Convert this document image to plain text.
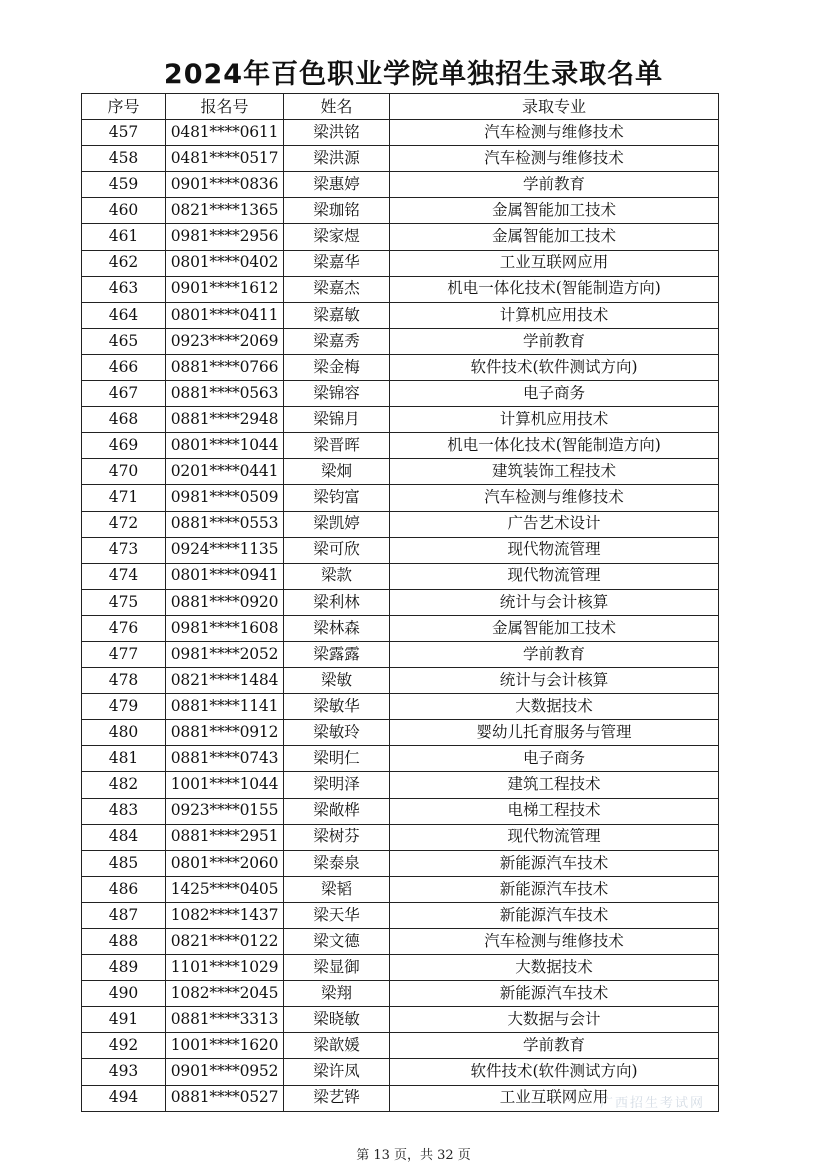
2024年百色职业学院单独招生录取名单
序号	报名号	姓名	录取专业
457	0481****0611	梁洪铭	汽车检测与维修技术
458	0481****0517	梁洪源	汽车检测与维修技术
459	0901****0836	梁惠婷	学前教育
460	0821****1365	梁珈铭	金属智能加工技术
461	0981****2956	梁家煜	金属智能加工技术
462	0801****0402	梁嘉华	工业互联网应用
463	0901****1612	梁嘉杰	机电一体化技术(智能制造方向)
464	0801****0411	梁嘉敏	计算机应用技术
465	0923****2069	梁嘉秀	学前教育
466	0881****0766	梁金梅	软件技术(软件测试方向)
467	0881****0563	梁锦容	电子商务
468	0881****2948	梁锦月	计算机应用技术
469	0801****1044	梁晋晖	机电一体化技术(智能制造方向)
470	0201****0441	梁炯	建筑装饰工程技术
471	0981****0509	梁钧富	汽车检测与维修技术
472	0881****0553	梁凯婷	广告艺术设计
473	0924****1135	梁可欣	现代物流管理
474	0801****0941	梁款	现代物流管理
475	0881****0920	梁利林	统计与会计核算
476	0981****1608	梁林森	金属智能加工技术
477	0981****2052	梁露露	学前教育
478	0821****1484	梁敏	统计与会计核算
479	0881****1141	梁敏华	大数据技术
480	0881****0912	梁敏玲	婴幼儿托育服务与管理
481	0881****0743	梁明仁	电子商务
482	1001****1044	梁明泽	建筑工程技术
483	0923****0155	梁敞桦	电梯工程技术
484	0881****2951	梁树芬	现代物流管理
485	0801****2060	梁泰泉	新能源汽车技术
486	1425****0405	梁韬	新能源汽车技术
487	1082****1437	梁天华	新能源汽车技术
488	0821****0122	梁文德	汽车检测与维修技术
489	1101****1029	梁显御	大数据技术
490	1082****2045	梁翔	新能源汽车技术
491	0881****3313	梁晓敏	大数据与会计
492	1001****1620	梁歆媛	学前教育
493	0901****0952	梁许凤	软件技术(软件测试方向)
494	0881****0527	梁艺铧	工业互联网应用
广西招生考试网
第 13 页，共 32 页
